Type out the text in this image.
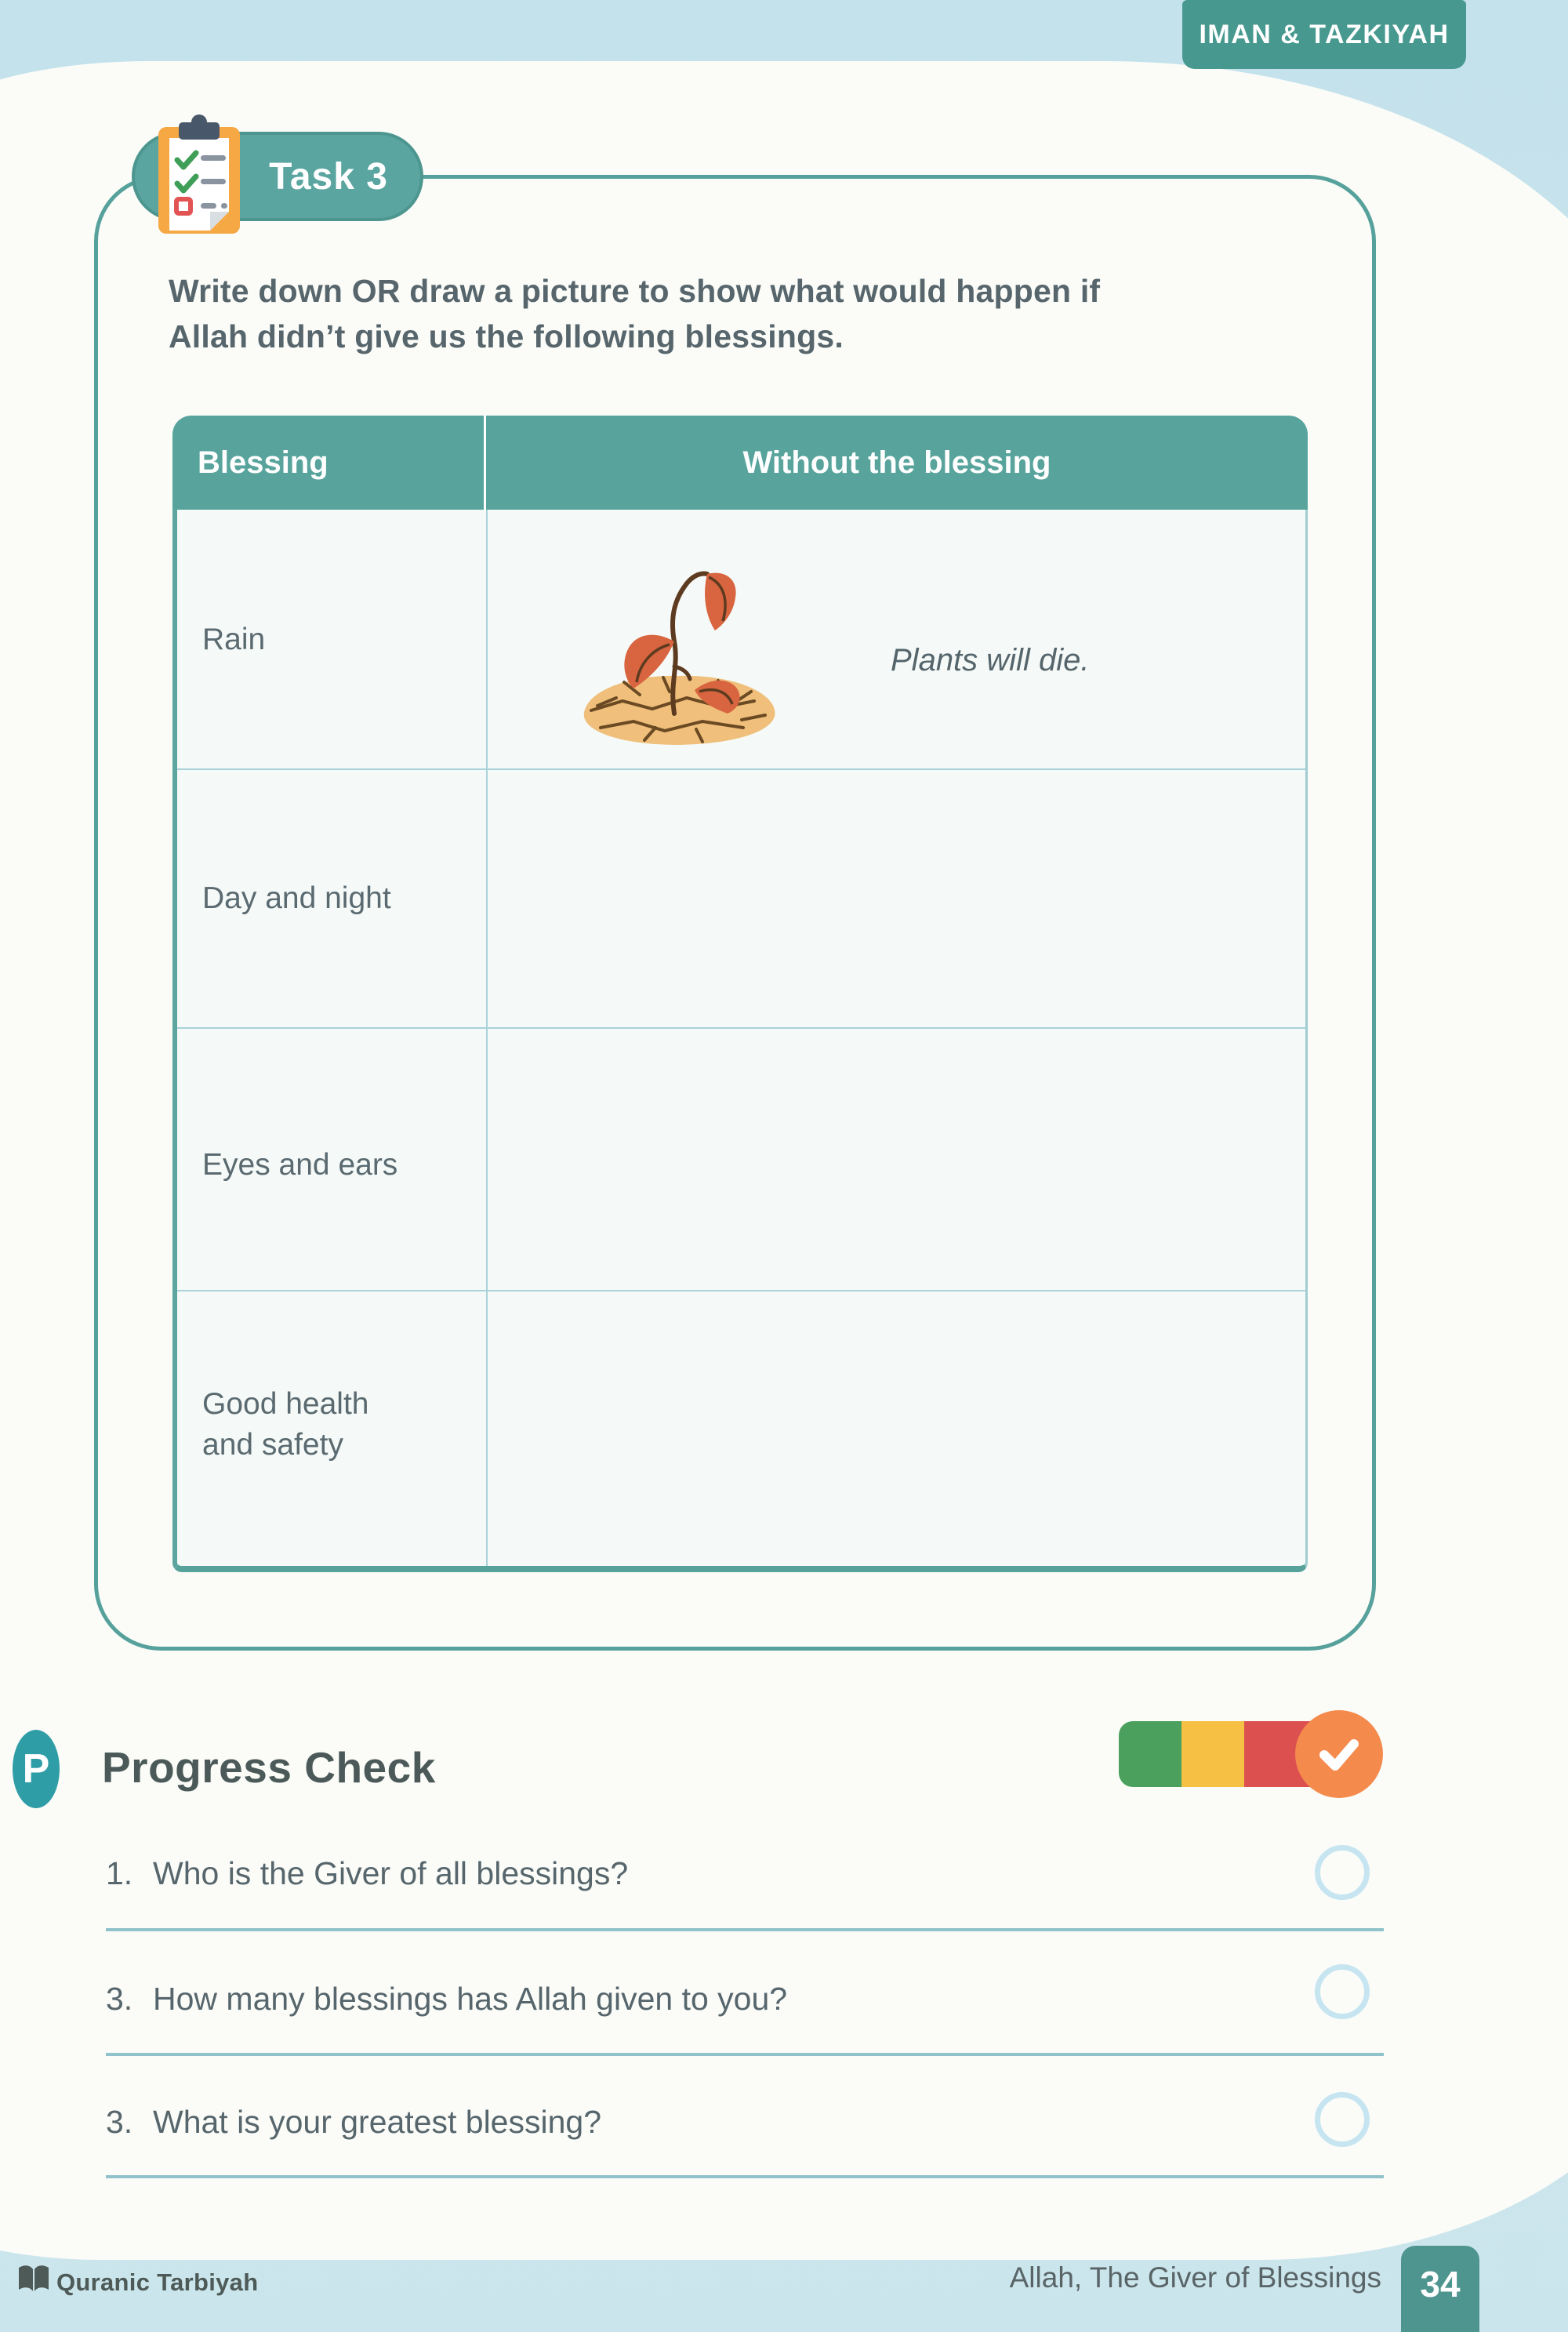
IMAN & TAZKIYAH
Task 3
Write down OR draw a picture to show what would happen if
Allah didn’t give us the following blessings.
Blessing	Without the blessing
Rain
Day and night
Eyes and ears
Good health and safety
Plants will die.
P Progress Check
1. Who is the Giver of all blessings?
3. How many blessings has Allah given to you?
3. What is your greatest blessing?
Quranic Tarbiyah	Allah, The Giver of Blessings 34
